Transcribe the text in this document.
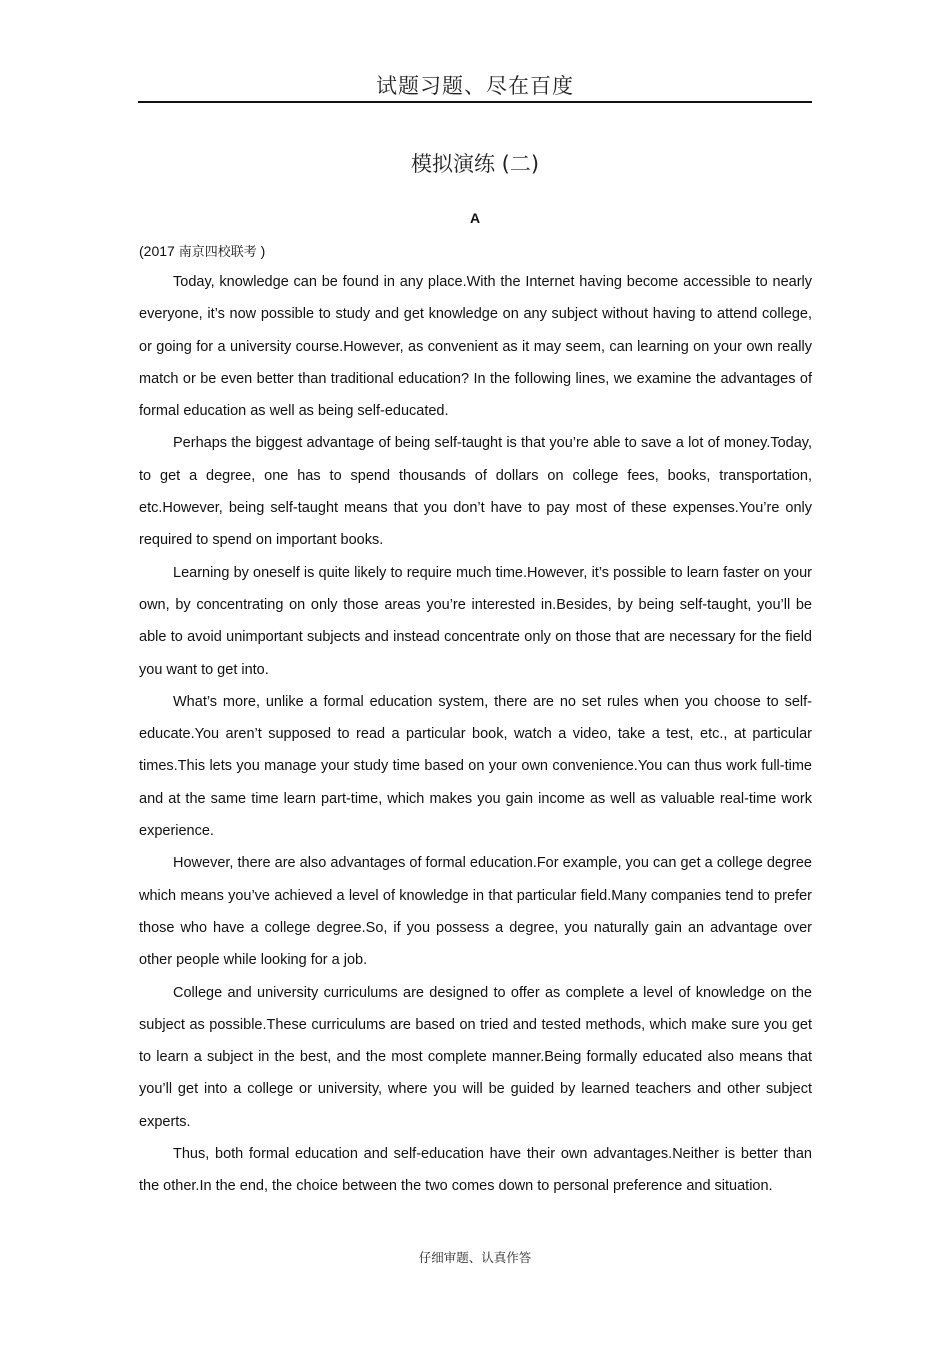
试题习题、尽在百度
模拟演练 (二)
A
(2017 南京四校联考 )

Today, knowledge can be found in any place.With the Internet having become accessible to nearly everyone, it’s now possible to study and get knowledge on any subject without having to attend college, or going for a university course.However, as convenient as it may seem, can learning on your own really match or be even better than traditional education? In the following lines, we examine the advantages of formal education as well as being self-educated.

Perhaps the biggest advantage of being self-taught is that you’re able to save a lot of money.Today, to get a degree, one has to spend thousands of dollars on college fees, books, transportation, etc.However, being self-taught means that you don’t have to pay most of these expenses.You’re only required to spend on important books.

Learning by oneself is quite likely to require much time.However, it’s possible to learn faster on your own, by concentrating on only those areas you’re interested in.Besides, by being self-taught, you’ll be able to avoid unimportant subjects and instead concentrate only on those that are necessary for the field you want to get into.

What’s more, unlike a formal education system, there are no set rules when you choose to self-educate.You aren’t supposed to read a particular book, watch a video, take a test, etc., at particular times.This lets you manage your study time based on your own convenience.You can thus work full-time and at the same time learn part-time, which makes you gain income as well as valuable real-time work experience.

However, there are also advantages of formal education.For example, you can get a college degree which means you’ve achieved a level of knowledge in that particular field.Many companies tend to prefer those who have a college degree.So, if you possess a degree, you naturally gain an advantage over other people while looking for a job.

College and university curriculums are designed to offer as complete a level of knowledge on the subject as possible.These curriculums are based on tried and tested methods, which make sure you get to learn a subject in the best, and the most complete manner.Being formally educated also means that you’ll get into a college or university, where you will be guided by learned teachers and other subject experts.

Thus, both formal education and self-education have their own advantages.Neither is better than the other.In the end, the choice between the two comes down to personal preference and situation.

仔细审题、认真作答
